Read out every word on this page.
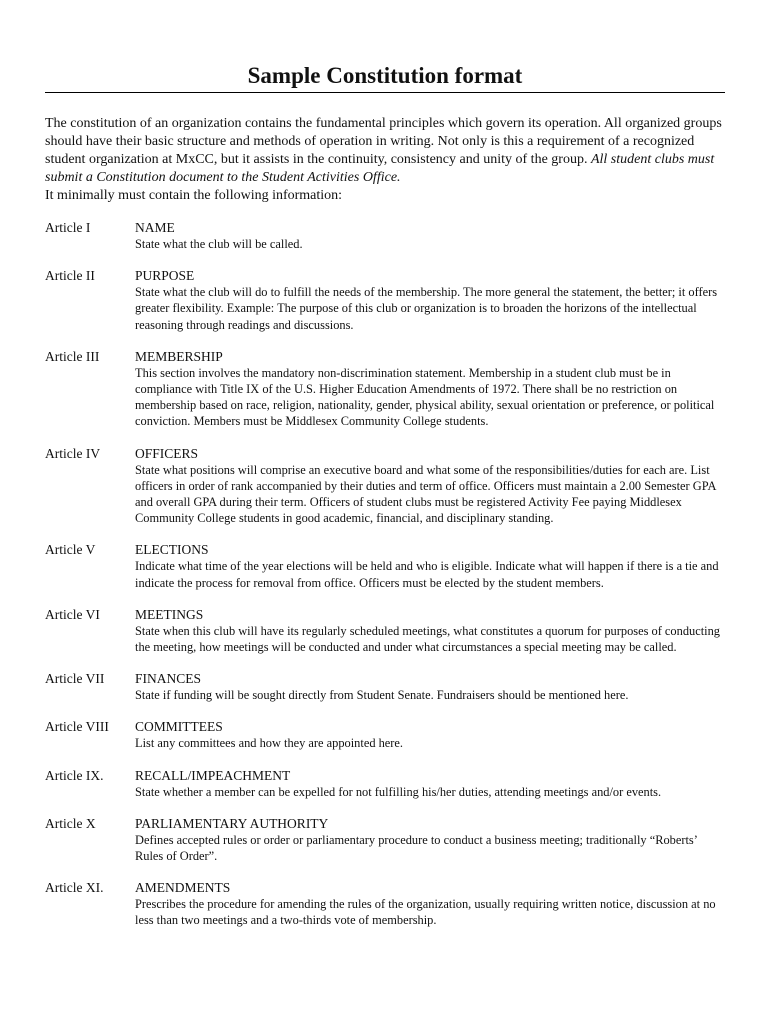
Sample Constitution format
The constitution of an organization contains the fundamental principles which govern its operation. All organized groups should have their basic structure and methods of operation in writing. Not only is this a requirement of a recognized student organization at MxCC, but it assists in the continuity, consistency and unity of the group. All student clubs must submit a Constitution document to the Student Activities Office.
It minimally must contain the following information:
Article I	NAME
State what the club will be called.
Article II	PURPOSE
State what the club will do to fulfill the needs of the membership. The more general the statement, the better; it offers greater flexibility. Example: The purpose of this club or organization is to broaden the horizons of the intellectual reasoning through readings and discussions.
Article III	MEMBERSHIP
This section involves the mandatory non-discrimination statement. Membership in a student club must be in compliance with Title IX of the U.S. Higher Education Amendments of 1972. There shall be no restriction on membership based on race, religion, nationality, gender, physical ability, sexual orientation or preference, or political conviction. Members must be Middlesex Community College students.
Article IV	OFFICERS
State what positions will comprise an executive board and what some of the responsibilities/duties for each are. List officers in order of rank accompanied by their duties and term of office. Officers must maintain a 2.00 Semester GPA and overall GPA during their term. Officers of student clubs must be registered Activity Fee paying Middlesex Community College students in good academic, financial, and disciplinary standing.
Article V	ELECTIONS
Indicate what time of the year elections will be held and who is eligible. Indicate what will happen if there is a tie and indicate the process for removal from office. Officers must be elected by the student members.
Article VI	MEETINGS
State when this club will have its regularly scheduled meetings, what constitutes a quorum for purposes of conducting the meeting, how meetings will be conducted and under what circumstances a special meeting may be called.
Article VII	FINANCES
State if funding will be sought directly from Student Senate. Fundraisers should be mentioned here.
Article VIII	COMMITTEES
List any committees and how they are appointed here.
Article IX.	RECALL/IMPEACHMENT
State whether a member can be expelled for not fulfilling his/her duties, attending meetings and/or events.
Article X	PARLIAMENTARY AUTHORITY
Defines accepted rules or order or parliamentary procedure to conduct a business meeting; traditionally “Roberts’ Rules of Order”.
Article XI.	AMENDMENTS
Prescribes the procedure for amending the rules of the organization, usually requiring written notice, discussion at no less than two meetings and a two-thirds vote of membership.
